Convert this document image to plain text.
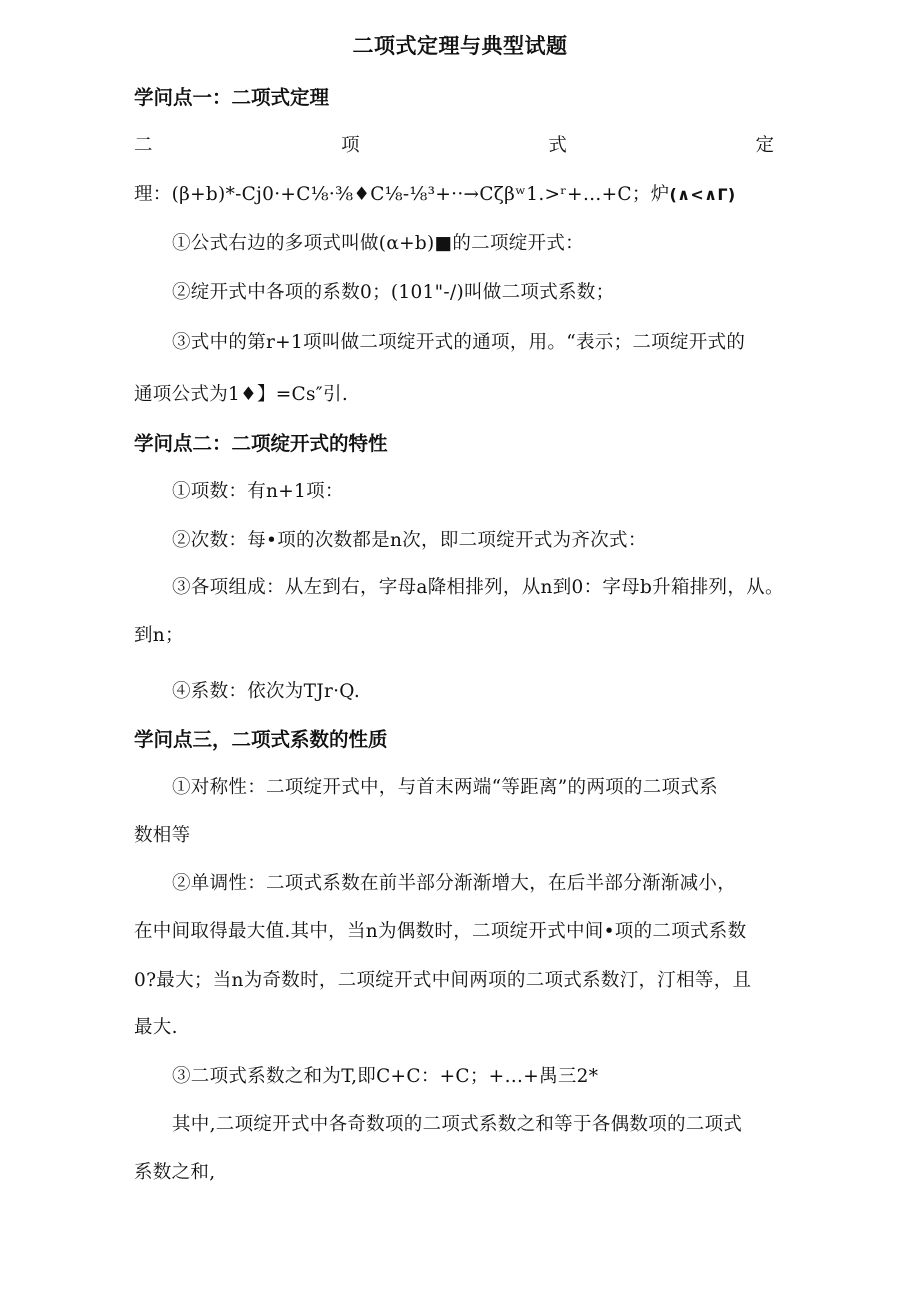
二项式定理与典型试题
学问点一：二项式定理
二	项	式	定
理：(β+b)*-Cj0·+C⅛·⅜♦C⅛-⅛³+··→Cζβʷ1.>ʳ+…+C；炉(∧<∧Γ)
①公式右边的多项式叫做(α+b)■的二项绽开式：
②绽开式中各项的系数0；(101"-/)叫做二项式系数；
③式中的第r+1项叫做二项绽开式的通项，用。“表示；二项绽开式的
通项公式为1♦】=Cs″引.
学问点二：二项绽开式的特性
①项数：有n+1项：
②次数：每•项的次数都是n次，即二项绽开式为齐次式：
③各项组成：从左到右，字母a降相排列，从n到0：字母b升箱排列，从。
到n；
④系数：依次为TJr·Q.
学问点三，二项式系数的性质
①对称性：二项绽开式中，与首末两端“等距离”的两项的二项式系
数相等
②单调性：二项式系数在前半部分渐渐增大，在后半部分渐渐减小，
在中间取得最大值.其中，当n为偶数时，二项绽开式中间•项的二项式系数
0?最大；当n为奇数时，二项绽开式中间两项的二项式系数汀，汀相等，且
最大.
③二项式系数之和为T,即C+C：+C；+…+禺三2*
其中,二项绽开式中各奇数项的二项式系数之和等于各偶数项的二项式
系数之和,
